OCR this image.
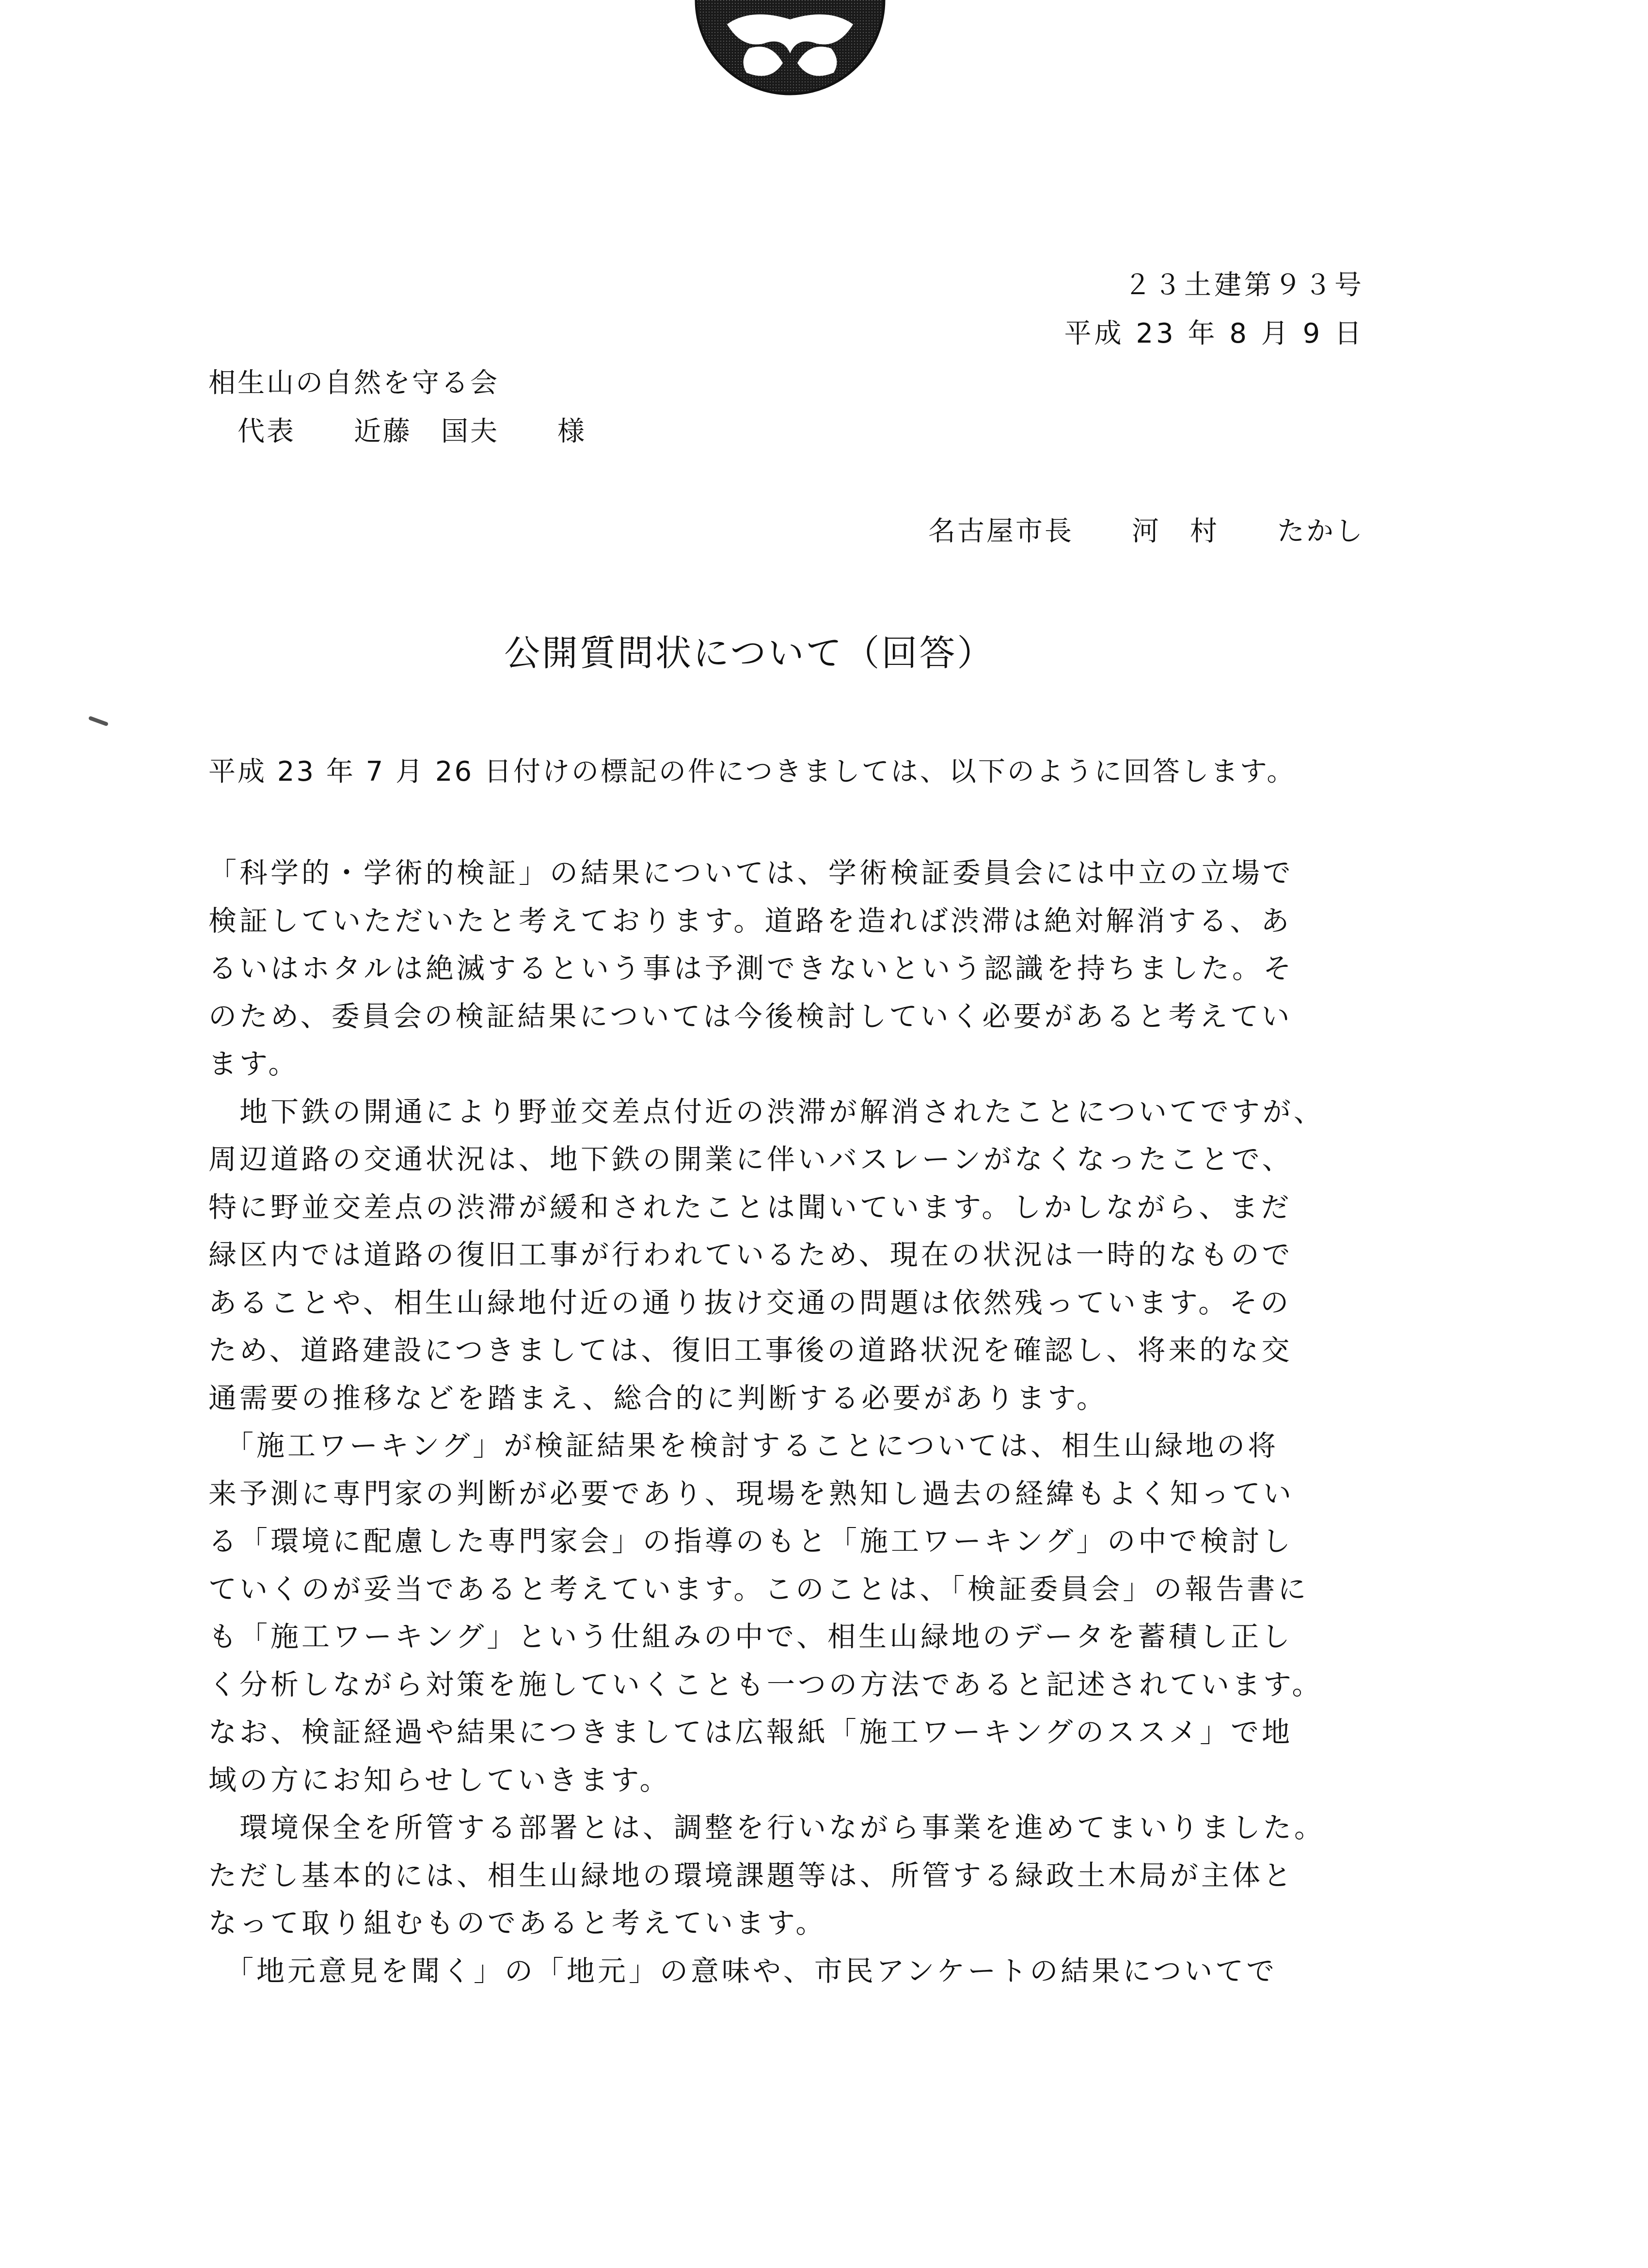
２３土建第９３号
平成 23 年 8 月 9 日
相生山の自然を守る会
代表　　近藤　国夫　　様
名古屋市長　　河　村　　たかし
公開質問状について（回答）
平成 23 年 7 月 26 日付けの標記の件につきましては、以下のように回答します。
「科学的・学術的検証」の結果については、学術検証委員会には中立の立場で
検証していただいたと考えております。道路を造れば渋滞は絶対解消する、あ
るいはホタルは絶滅するという事は予測できないという認識を持ちました。そ
のため、委員会の検証結果については今後検討していく必要があると考えてい
ます。
　地下鉄の開通により野並交差点付近の渋滞が解消されたことについてですが、
周辺道路の交通状況は、地下鉄の開業に伴いバスレーンがなくなったことで、
特に野並交差点の渋滞が緩和されたことは聞いています。しかしながら、まだ
緑区内では道路の復旧工事が行われているため、現在の状況は一時的なもので
あることや、相生山緑地付近の通り抜け交通の問題は依然残っています。その
ため、道路建設につきましては、復旧工事後の道路状況を確認し、将来的な交
通需要の推移などを踏まえ、総合的に判断する必要があります。
　「施工ワーキング」が検証結果を検討することについては、相生山緑地の将
来予測に専門家の判断が必要であり、現場を熟知し過去の経緯もよく知ってい
る「環境に配慮した専門家会」の指導のもと「施工ワーキング」の中で検討し
ていくのが妥当であると考えています。このことは、「検証委員会」の報告書に
も「施工ワーキング」という仕組みの中で、相生山緑地のデータを蓄積し正し
く分析しながら対策を施していくことも一つの方法であると記述されています。
なお、検証経過や結果につきましては広報紙「施工ワーキングのススメ」で地
域の方にお知らせしていきます。
　環境保全を所管する部署とは、調整を行いながら事業を進めてまいりました。
ただし基本的には、相生山緑地の環境課題等は、所管する緑政土木局が主体と
なって取り組むものであると考えています。
　「地元意見を聞く」の「地元」の意味や、市民アンケートの結果についてで
